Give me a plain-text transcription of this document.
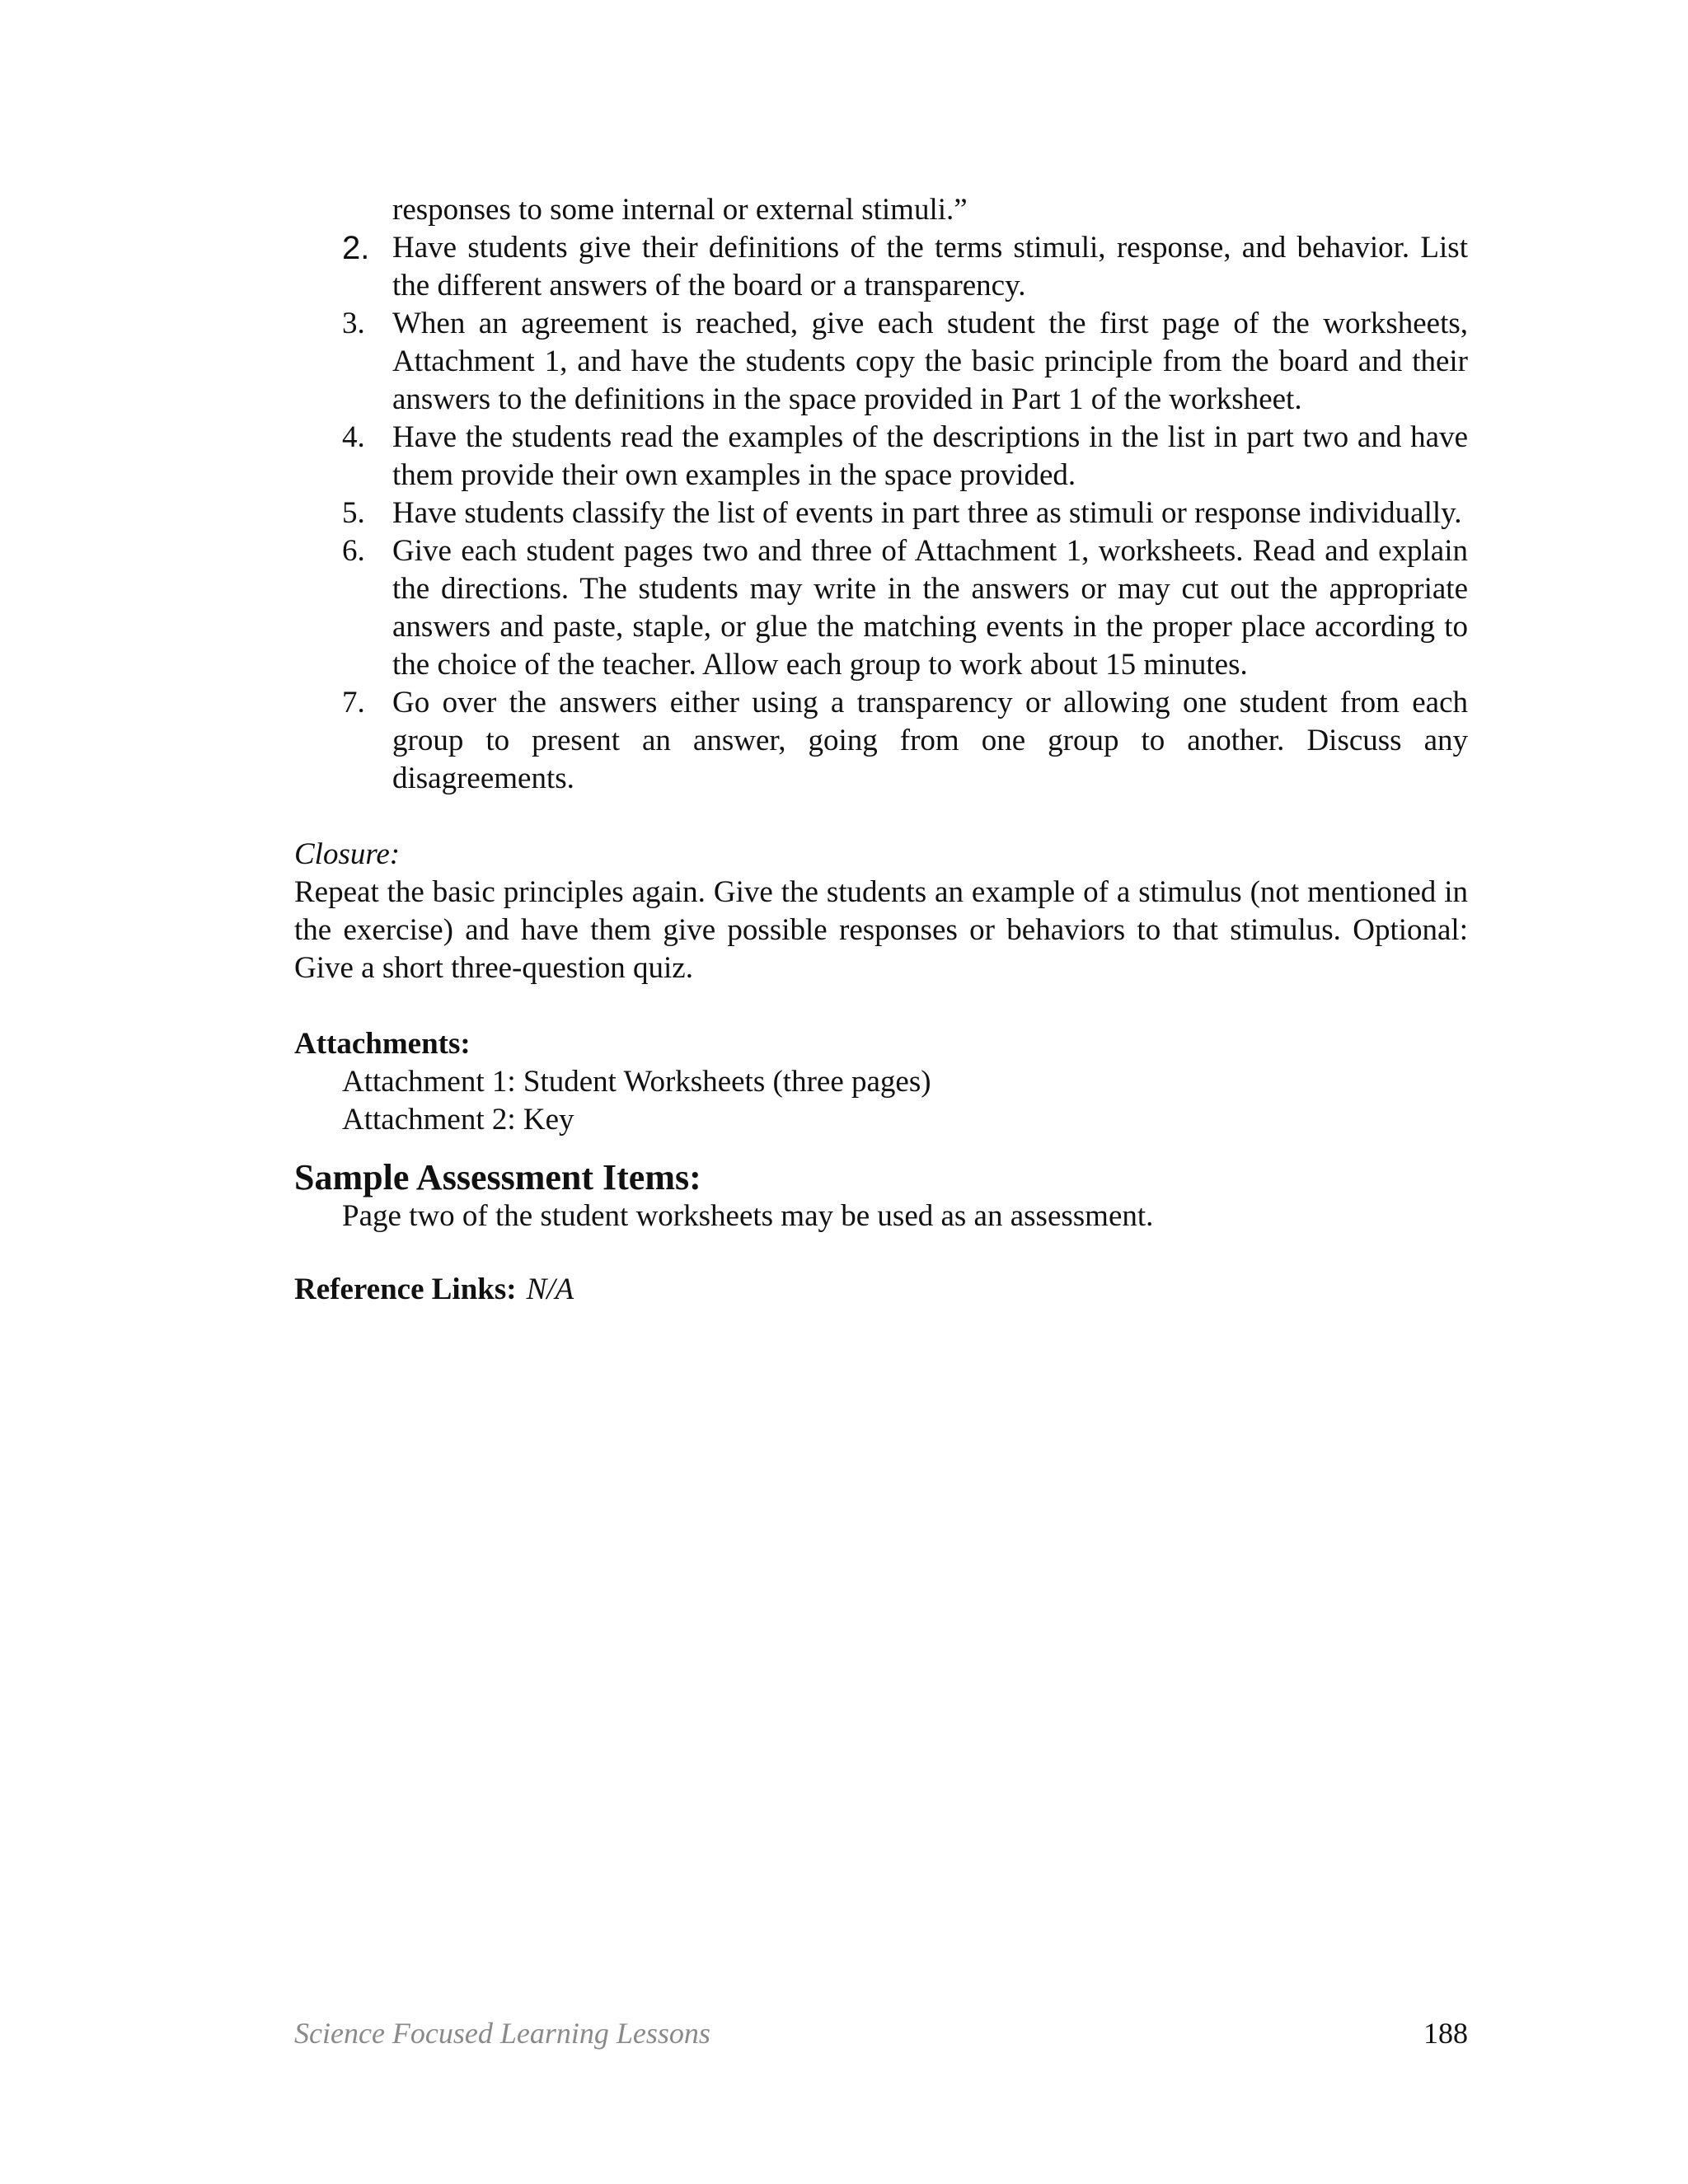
responses to some internal or external stimuli.”
2. Have students give their definitions of the terms stimuli, response, and behavior. List the different answers of the board or a transparency.
3. When an agreement is reached, give each student the first page of the worksheets, Attachment 1, and have the students copy the basic principle from the board and their answers to the definitions in the space provided in Part 1 of the worksheet.
4. Have the students read the examples of the descriptions in the list in part two and have them provide their own examples in the space provided.
5. Have students classify the list of events in part three as stimuli or response individually.
6. Give each student pages two and three of Attachment 1, worksheets. Read and explain the directions. The students may write in the answers or may cut out the appropriate answers and paste, staple, or glue the matching events in the proper place according to the choice of the teacher. Allow each group to work about 15 minutes.
7. Go over the answers either using a transparency or allowing one student from each group to present an answer, going from one group to another. Discuss any disagreements.
Closure:
Repeat the basic principles again. Give the students an example of a stimulus (not mentioned in the exercise) and have them give possible responses or behaviors to that stimulus. Optional: Give a short three-question quiz.
Attachments:
Attachment 1: Student Worksheets (three pages)
Attachment 2: Key
Sample Assessment Items:
Page two of the student worksheets may be used as an assessment.
Reference Links: N/A
Science Focused Learning Lessons	188
